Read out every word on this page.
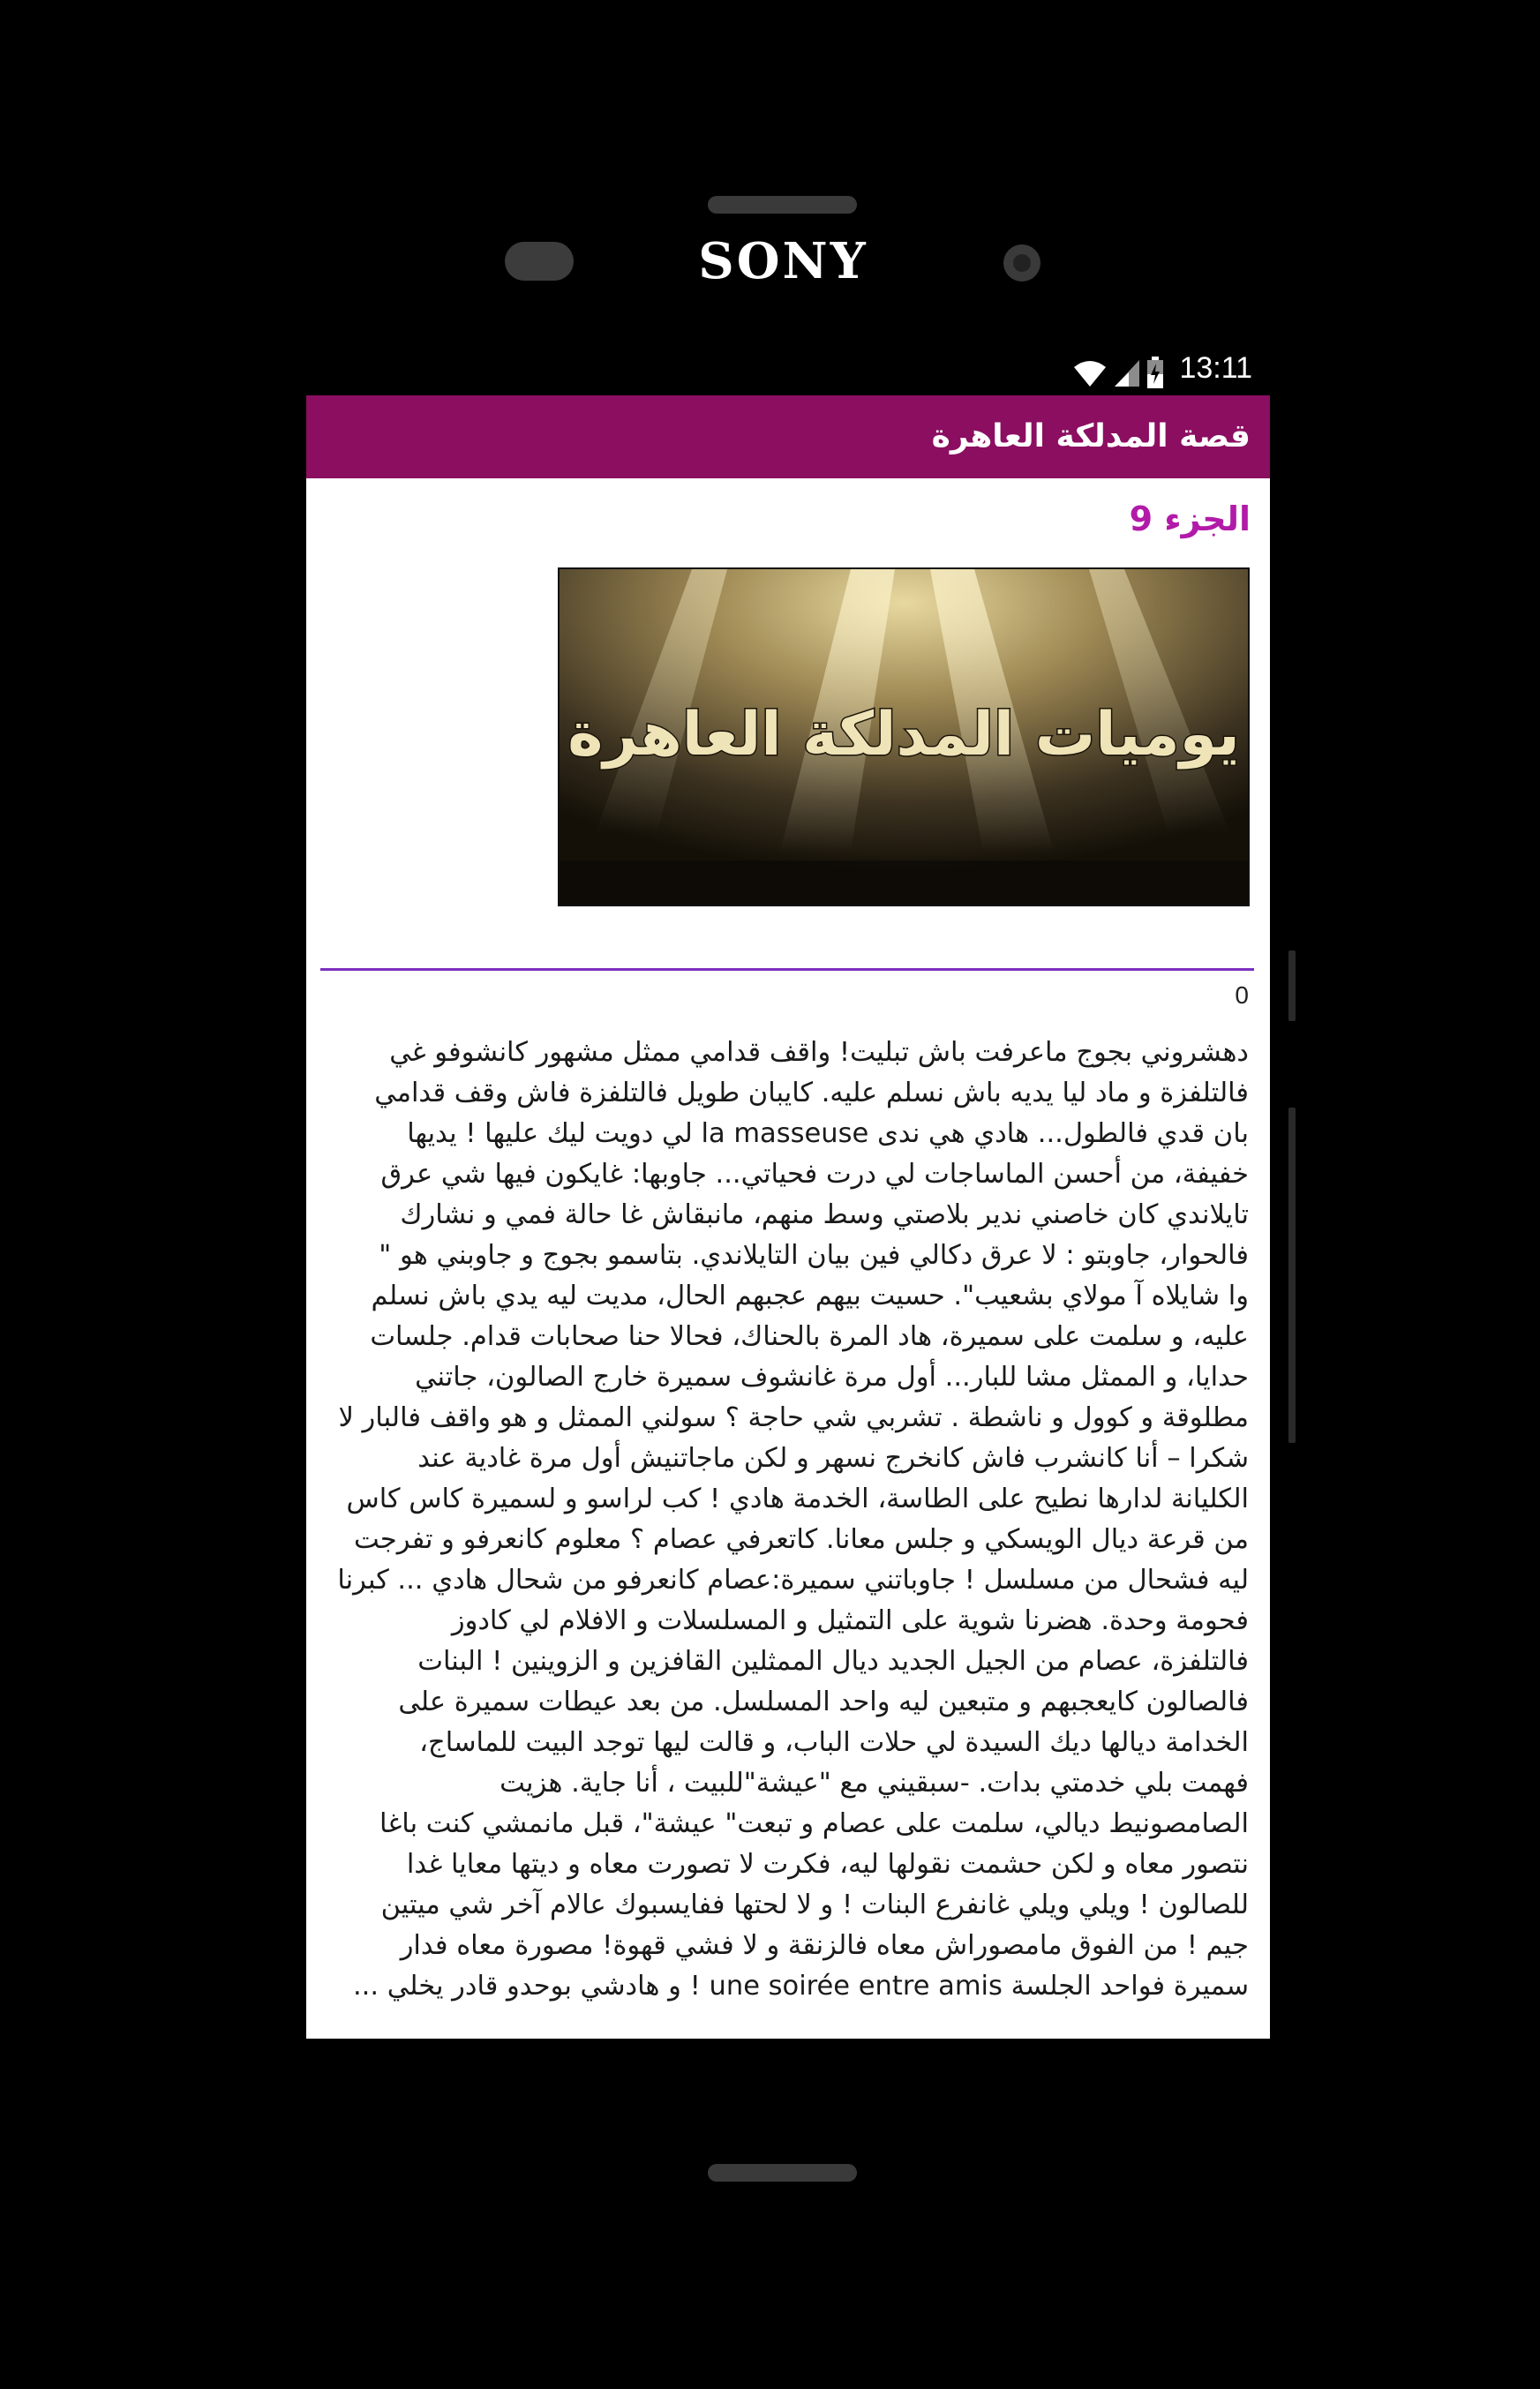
SONY
13:11
قصة المدلكة العاهرة
الجزء 9
يوميات المدلكة العاهرة
0
دهشروني بجوج ماعرفت باش تبليت! واقف قدامي ممثل مشهور كانشوفو غي
فالتلفزة و ماد ليا يديه باش نسلم عليه. كايبان طويل فالتلفزة فاش وقف قدامي
بان قدي فالطول... هادي هي ندى la masseuse لي دويت ليك عليها ! يديها
خفيفة، من أحسن الماساجات لي درت فحياتي... جاوبها: غايكون فيها شي عرق
تايلاندي كان خاصني ندير بلاصتي وسط منهم، مانبقاش غا حالة فمي و نشارك
فالحوار، جاوبتو : لا عرق دكالي فين بيان التايلاندي. بتاسمو بجوج و جاوبني هو "
وا شايلاه آ مولاي بشعيب". حسيت بيهم عجبهم الحال، مديت ليه يدي باش نسلم
عليه، و سلمت على سميرة، هاد المرة بالحناك، فحالا حنا صحابات قدام. جلسات
حدايا، و الممثل مشا للبار... أول مرة غانشوف سميرة خارج الصالون، جاتني
مطلوقة و كوول و ناشطة . تشربي شي حاجة ؟ سولني الممثل و هو واقف فالبار لا
شكرا – أنا كانشرب فاش كانخرج نسهر و لكن ماجاتنيش أول مرة غادية عند
الكليانة لدارها نطيح على الطاسة، الخدمة هادي ! كب لراسو و لسميرة كاس كاس
من قرعة ديال الويسكي و جلس معانا. كاتعرفي عصام ؟ معلوم كانعرفو و تفرجت
ليه فشحال من مسلسل ! جاوباتني سميرة:عصام كانعرفو من شحال هادي ... كبرنا
فحومة وحدة. هضرنا شوية على التمثيل و المسلسلات و الافلام لي كادوز
فالتلفزة، عصام من الجيل الجديد ديال الممثلين القافزين و الزوينين ! البنات
فالصالون كايعجبهم و متبعين ليه واحد المسلسل. من بعد عيطات سميرة على
الخدامة ديالها ديك السيدة لي حلات الباب، و قالت ليها توجد البيت للماساج،
فهمت بلي خدمتي بدات. -سبقيني مع "عيشة"للبيت ، أنا جاية. هزيت
الصامصونيط ديالي، سلمت على عصام و تبعت" عيشة"، قبل مانمشي كنت باغا
نتصور معاه و لكن حشمت نقولها ليه، فكرت لا تصورت معاه و ديتها معايا غدا
للصالون ! ويلي ويلي غانفرع البنات ! و لا لحتها ففايسبوك عالام آخر شي ميتين
جيم ! من الفوق مامصوراش معاه فالزنقة و لا فشي قهوة! مصورة معاه فدار
سميرة فواحد الجلسة une soirée entre amis ! و هادشي بوحدو قادر يخلي ...
